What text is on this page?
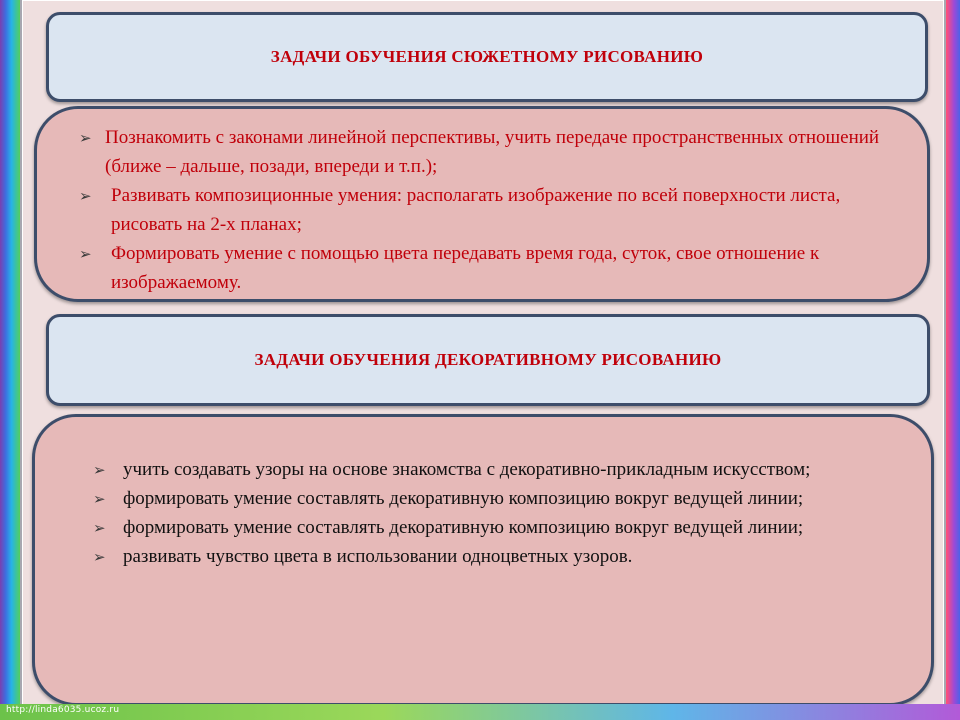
ЗАДАЧИ ОБУЧЕНИЯ СЮЖЕТНОМУ РИСОВАНИЮ
➢ Познакомить с законами линейной перспективы, учить передаче пространственных отношений (ближе – дальше, позади, впереди и т.п.);
➢ Развивать композиционные умения: располагать изображение по всей поверхности листа, рисовать на 2-х планах;
➢ Формировать умение с помощью цвета передавать время года, суток, свое отношение к изображаемому.
ЗАДАЧИ ОБУЧЕНИЯ ДЕКОРАТИВНОМУ РИСОВАНИЮ
➢ учить создавать узоры на основе знакомства с декоративно-прикладным искусством;
➢ формировать умение составлять декоративную композицию вокруг ведущей линии;
➢ формировать умение составлять декоративную композицию вокруг ведущей линии;
➢ развивать чувство цвета в использовании одноцветных узоров.
http://linda6035.ucoz.ru
